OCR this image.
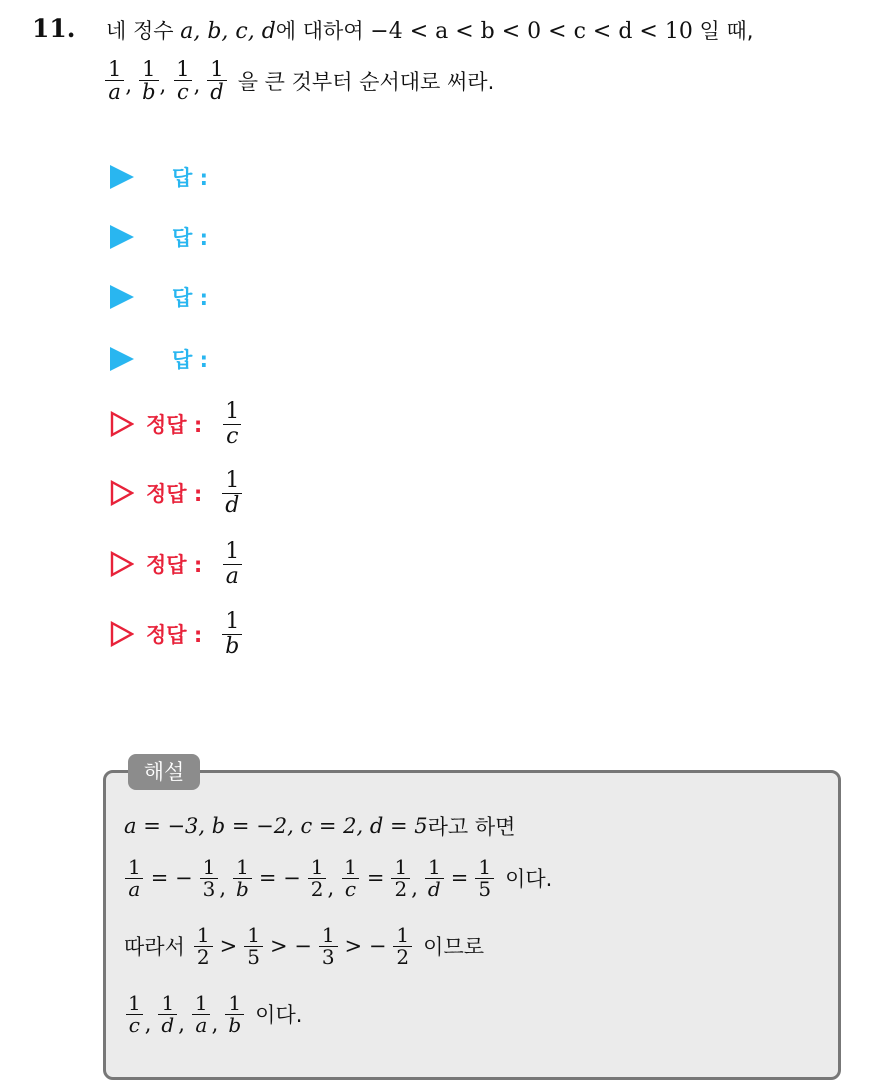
11. 네 정수 a, b, c, d에 대하여 −4 < a < b < 0 < c < d < 10 일 때,
$\frac{1}{a}$ , $\frac{1}{b}$ , $\frac{1}{c}$ , $\frac{1}{d}$ 을 큰 것부터 순서대로 써라.
답 :
답 :
답 :
답 :
정답 : $\frac{1}{c}$
정답 : $\frac{1}{d}$
정답 : $\frac{1}{a}$
정답 : $\frac{1}{b}$
해설
a = −3, b = −2, c = 2, d = 5 라고 하면
$\frac{1}{a}$ = − $\frac{1}{3}$ , $\frac{1}{b}$ = − $\frac{1}{2}$ , $\frac{1}{c} = \frac{1}{2}$ , $\frac{1}{d} = \frac{1}{5}$ 이다.
따라서 $\frac{1}{2} > \frac{1}{5}$ > − $\frac{1}{3}$ > − $\frac{1}{2}$ 이므로
$\frac{1}{c}$ , $\frac{1}{d}$ , $\frac{1}{a}$ , $\frac{1}{b}$ 이다.
